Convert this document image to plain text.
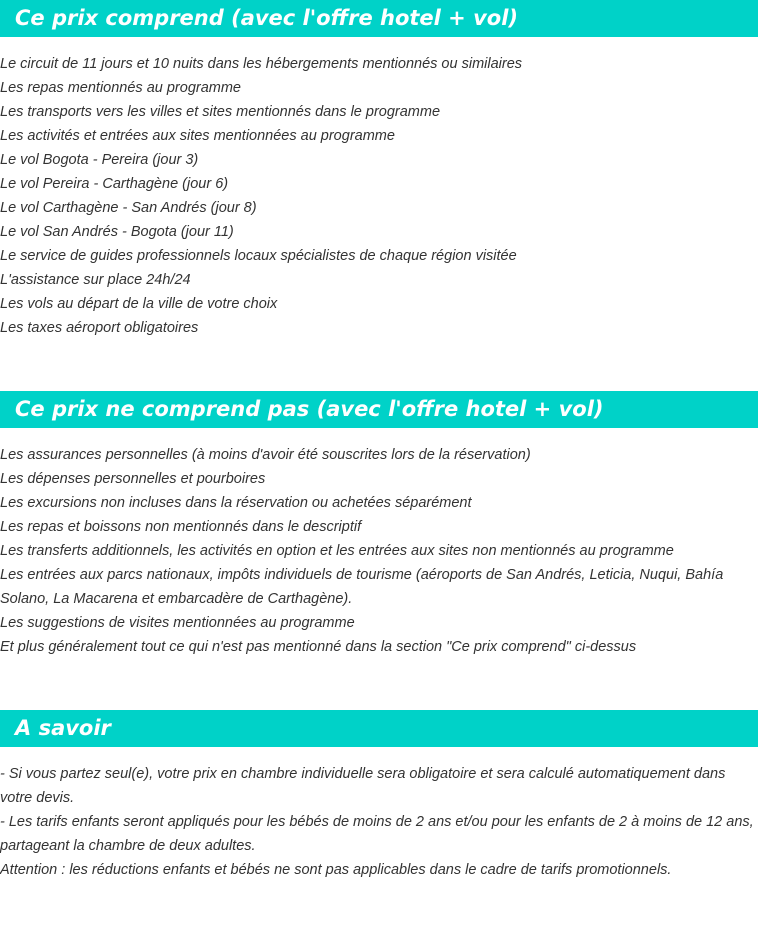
Ce prix comprend (avec l'offre hotel + vol)
Le circuit de 11 jours et 10 nuits dans les hébergements mentionnés ou similaires
Les repas mentionnés au programme
Les transports vers les villes et sites mentionnés dans le programme
Les activités et entrées aux sites mentionnées au programme
Le vol Bogota - Pereira (jour 3)
Le vol Pereira - Carthagène (jour 6)
Le vol Carthagène - San Andrés (jour 8)
Le vol San Andrés - Bogota (jour 11)
Le service de guides professionnels locaux spécialistes de chaque région visitée
L'assistance sur place 24h/24
Les vols au départ de la ville de votre choix
Les taxes aéroport obligatoires
Ce prix ne comprend pas (avec l'offre hotel + vol)
Les assurances personnelles (à moins d'avoir été souscrites lors de la réservation)
Les dépenses personnelles et pourboires
Les excursions non incluses dans la réservation ou achetées séparément
Les repas et boissons non mentionnés dans le descriptif
Les transferts additionnels, les activités en option et les entrées aux sites non mentionnés au programme
Les entrées aux parcs nationaux, impôts individuels de tourisme (aéroports de San Andrés, Leticia, Nuqui, Bahía Solano, La Macarena et embarcadère de Carthagène).
Les suggestions de visites mentionnées au programme
Et plus généralement tout ce qui n'est pas mentionné dans la section "Ce prix comprend" ci-dessus
A savoir
- Si vous partez seul(e), votre prix en chambre individuelle sera obligatoire et sera calculé automatiquement dans votre devis.
- Les tarifs enfants seront appliqués pour les bébés de moins de 2 ans et/ou pour les enfants de 2 à moins de 12 ans, partageant la chambre de deux adultes.
Attention : les réductions enfants et bébés ne sont pas applicables dans le cadre de tarifs promotionnels.
